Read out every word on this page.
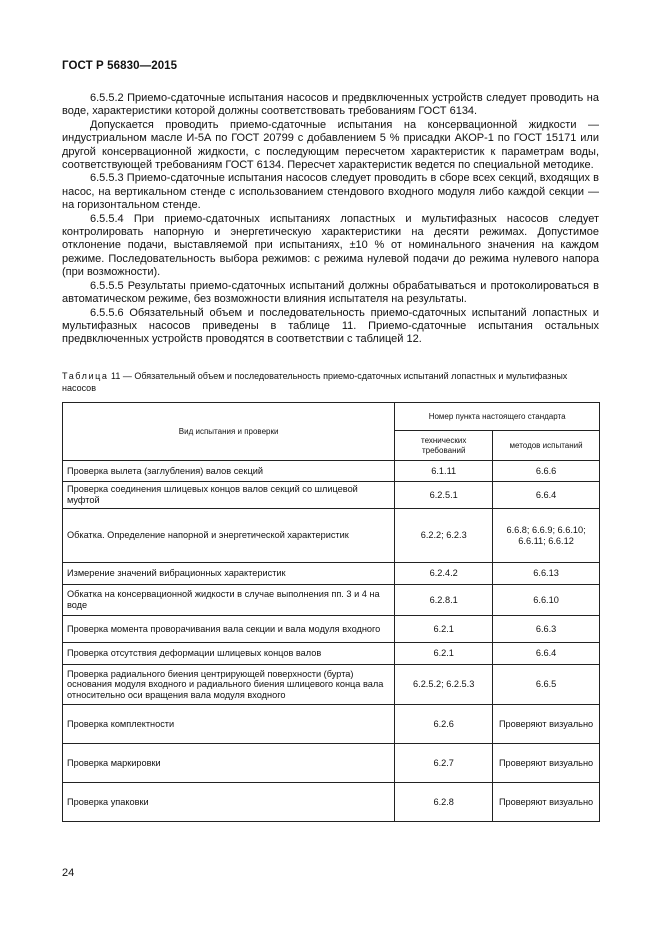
ГОСТ Р 56830—2015

6.5.5.2 Приемо-сдаточные испытания насосов и предвключенных устройств следует проводить на воде, характеристики которой должны соответствовать требованиям ГОСТ 6134.

Допускается проводить приемо-сдаточные испытания на консервационной жидкости — индустриальном масле И-5А по ГОСТ 20799 с добавлением 5 % присадки АКОР-1 по ГОСТ 15171 или другой консервационной жидкости, с последующим пересчетом характеристик к параметрам воды, соответствующей требованиям ГОСТ 6134. Пересчет характеристик ведется по специальной методике.

6.5.5.3 Приемо-сдаточные испытания насосов следует проводить в сборе всех секций, входящих в насос, на вертикальном стенде с использованием стендового входного модуля либо каждой секции — на горизонтальном стенде.

6.5.5.4 При приемо-сдаточных испытаниях лопастных и мультифазных насосов следует контролировать напорную и энергетическую характеристики на десяти режимах. Допустимое отклонение подачи, выставляемой при испытаниях, ±10 % от номинального значения на каждом режиме. Последовательность выбора режимов: с режима нулевой подачи до режима нулевого напора (при возможности).

6.5.5.5 Результаты приемо-сдаточных испытаний должны обрабатываться и протоколироваться в автоматическом режиме, без возможности влияния испытателя на результаты.

6.5.5.6 Обязательный объем и последовательность приемо-сдаточных испытаний лопастных и мультифазных насосов приведены в таблице 11. Приемо-сдаточные испытания остальных предвключенных устройств проводятся в соответствии с таблицей 12.

Таблица 11 — Обязательный объем и последовательность приемо-сдаточных испытаний лопастных и мультифазных насосов
Вид испытания и проверки	Номер пункта настоящего стандарта	
	технических требований	методов испытаний
Проверка вылета (заглубления) валов секций	6.1.11	6.6.6
Проверка соединения шлицевых концов валов секций со шлицевой муфтой	6.2.5.1	6.6.4
Обкатка. Определение напорной и энергетической характеристик	6.2.2; 6.2.3	6.6.8; 6.6.9; 6.6.10; 6.6.11; 6.6.12
Измерение значений вибрационных характеристик	6.2.4.2	6.6.13
Обкатка на консервационной жидкости в случае выполнения пп. 3 и 4 на воде	6.2.8.1	6.6.10
Проверка момента проворачивания вала секции и вала модуля входного	6.2.1	6.6.3
Проверка отсутствия деформации шлицевых концов валов	6.2.1	6.6.4
Проверка радиального биения центрирующей поверхности (бурта) основания модуля входного и радиального биения шлицевого конца вала относительно оси вращения вала модуля входного	6.2.5.2; 6.2.5.3	6.6.5
Проверка комплектности	6.2.6	Проверяют визуально
Проверка маркировки	6.2.7	Проверяют визуально
Проверка упаковки	6.2.8	Проверяют визуально
24
